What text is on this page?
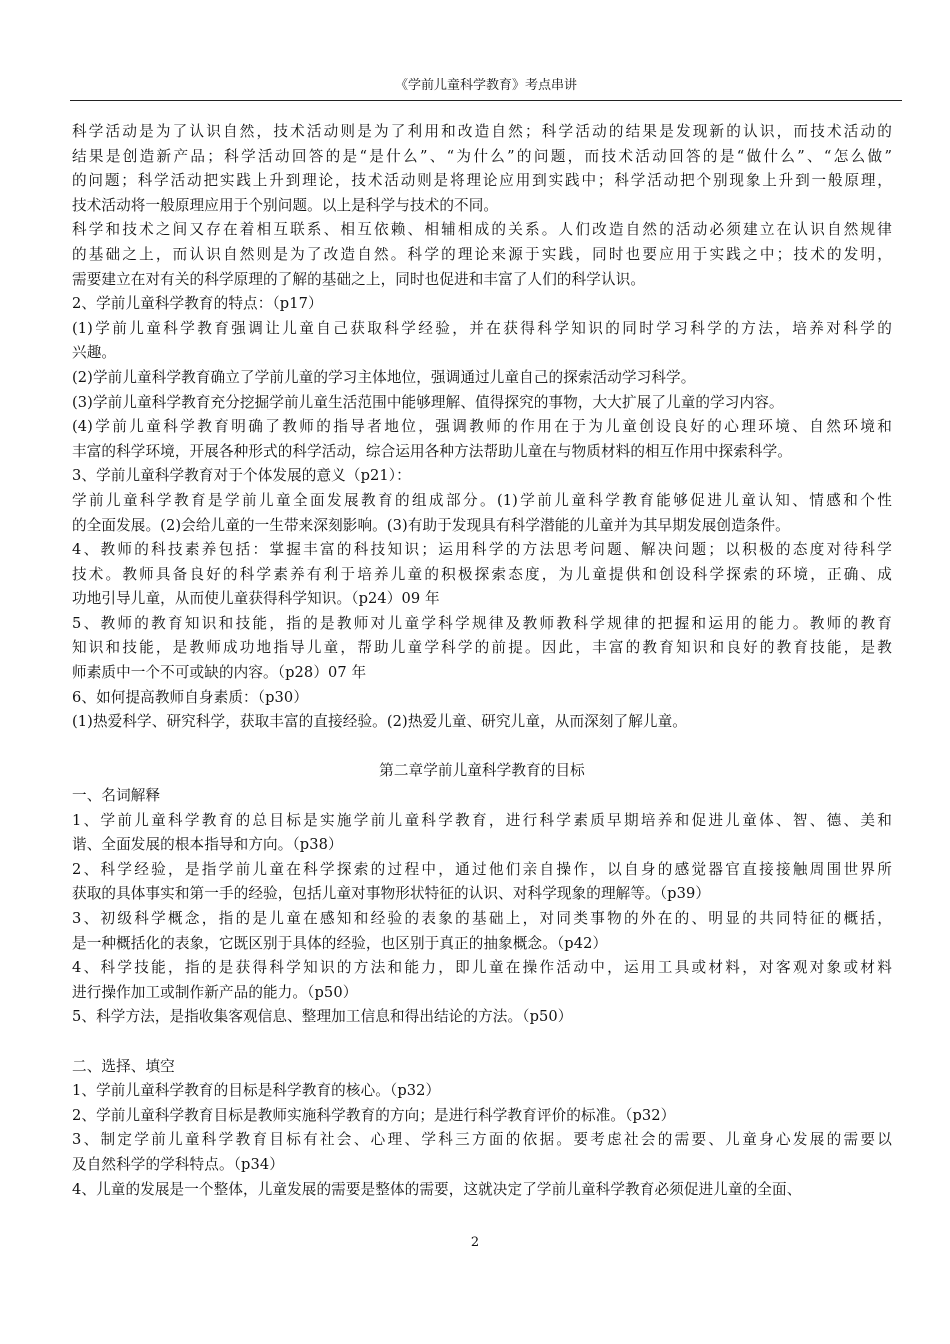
《学前儿童科学教育》考点串讲
科学活动是为了认识自然，技术活动则是为了利用和改造自然；科学活动的结果是发现新的认识，而技术活动的
结果是创造新产品；科学活动回答的是“是什么”、“为什么”的问题，而技术活动回答的是“做什么”、“怎么做”
的问题；科学活动把实践上升到理论，技术活动则是将理论应用到实践中；科学活动把个别现象上升到一般原理，
技术活动将一般原理应用于个别问题。以上是科学与技术的不同。
科学和技术之间又存在着相互联系、相互依赖、相辅相成的关系。人们改造自然的活动必须建立在认识自然规律
的基础之上，而认识自然则是为了改造自然。科学的理论来源于实践，同时也要应用于实践之中；技术的发明，
需要建立在对有关的科学原理的了解的基础之上，同时也促进和丰富了人们的科学认识。
2、学前儿童科学教育的特点：（p17）
(1)学前儿童科学教育强调让儿童自己获取科学经验，并在获得科学知识的同时学习科学的方法，培养对科学的
兴趣。
(2)学前儿童科学教育确立了学前儿童的学习主体地位，强调通过儿童自己的探索活动学习科学。
(3)学前儿童科学教育充分挖掘学前儿童生活范围中能够理解、值得探究的事物，大大扩展了儿童的学习内容。
(4)学前儿童科学教育明确了教师的指导者地位，强调教师的作用在于为儿童创设良好的心理环境、自然环境和
丰富的科学环境，开展各种形式的科学活动，综合运用各种方法帮助儿童在与物质材料的相互作用中探索科学。
3、学前儿童科学教育对于个体发展的意义（p21）：
学前儿童科学教育是学前儿童全面发展教育的组成部分。(1)学前儿童科学教育能够促进儿童认知、情感和个性
的全面发展。(2)会给儿童的一生带来深刻影响。(3)有助于发现具有科学潜能的儿童并为其早期发展创造条件。
4、教师的科技素养包括：掌握丰富的科技知识；运用科学的方法思考问题、解决问题；以积极的态度对待科学
技术。教师具备良好的科学素养有利于培养儿童的积极探索态度，为儿童提供和创设科学探索的环境，正确、成
功地引导儿童，从而使儿童获得科学知识。（p24）09 年
5、教师的教育知识和技能，指的是教师对儿童学科学规律及教师教科学规律的把握和运用的能力。教师的教育
知识和技能，是教师成功地指导儿童，帮助儿童学科学的前提。因此，丰富的教育知识和良好的教育技能，是教
师素质中一个不可或缺的内容。（p28）07 年
6、如何提高教师自身素质：（p30）
(1)热爱科学、研究科学，获取丰富的直接经验。(2)热爱儿童、研究儿童，从而深刻了解儿童。
第二章学前儿童科学教育的目标
一、名词解释
1、学前儿童科学教育的总目标是实施学前儿童科学教育，进行科学素质早期培养和促进儿童体、智、德、美和
谐、全面发展的根本指导和方向。（p38）
2、科学经验，是指学前儿童在科学探索的过程中，通过他们亲自操作，以自身的感觉器官直接接触周围世界所
获取的具体事实和第一手的经验，包括儿童对事物形状特征的认识、对科学现象的理解等。（p39）
3、初级科学概念，指的是儿童在感知和经验的表象的基础上，对同类事物的外在的、明显的共同特征的概括，
是一种概括化的表象，它既区别于具体的经验，也区别于真正的抽象概念。（p42）
4、科学技能，指的是获得科学知识的方法和能力，即儿童在操作活动中，运用工具或材料，对客观对象或材料
进行操作加工或制作新产品的能力。（p50）
5、科学方法，是指收集客观信息、整理加工信息和得出结论的方法。（p50）
二、选择、填空
1、学前儿童科学教育的目标是科学教育的核心。（p32）
2、学前儿童科学教育目标是教师实施科学教育的方向；是进行科学教育评价的标准。（p32）
3、制定学前儿童科学教育目标有社会、心理、学科三方面的依据。要考虑社会的需要、儿童身心发展的需要以
及自然科学的学科特点。（p34）
4、儿童的发展是一个整体，儿童发展的需要是整体的需要，这就决定了学前儿童科学教育必须促进儿童的全面、
2
